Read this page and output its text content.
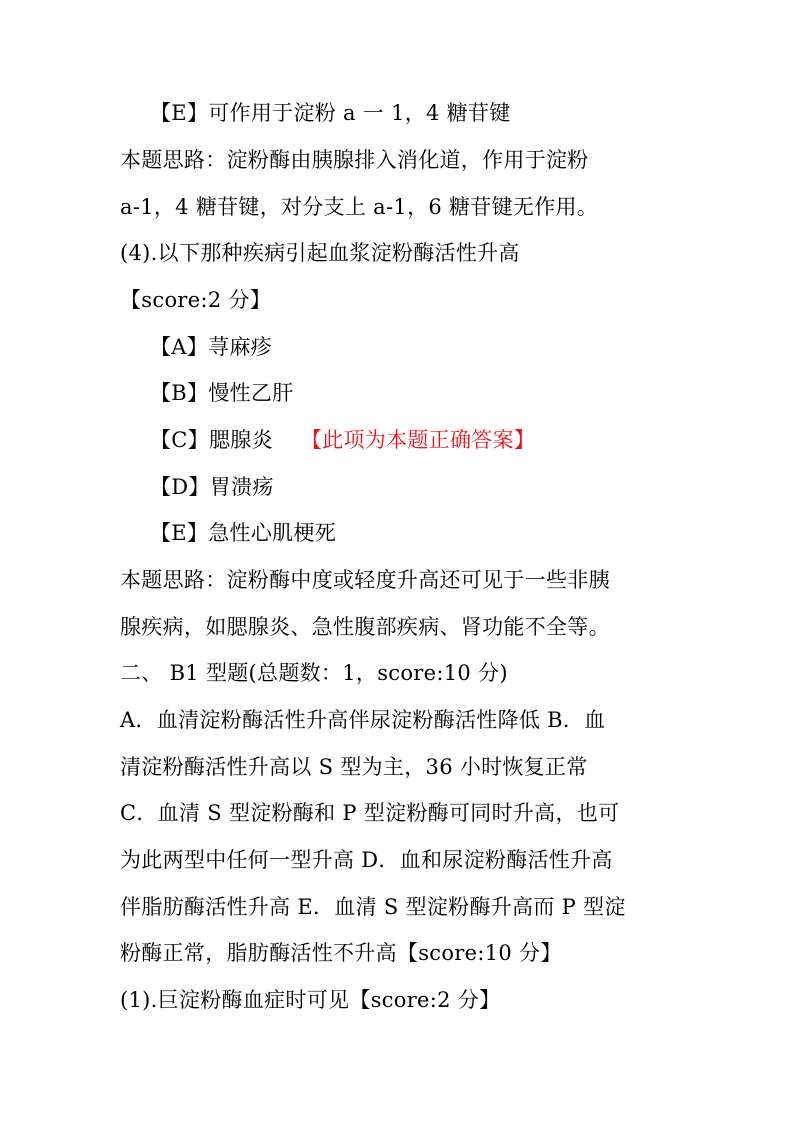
【E】可作用于淀粉 a 一 1，4 糖苷键
本题思路：淀粉酶由胰腺排入消化道，作用于淀粉
a-1，4 糖苷键，对分支上 a-1，6 糖苷键无作用。
(4).以下那种疾病引起血浆淀粉酶活性升高
【score:2 分】
【A】荨麻疹
【B】慢性乙肝
【C】腮腺炎 【此项为本题正确答案】
【D】胃溃疡
【E】急性心肌梗死
本题思路：淀粉酶中度或轻度升高还可见于一些非胰
腺疾病，如腮腺炎、急性腹部疾病、肾功能不全等。
二、 B1 型题(总题数：1，score:10 分)
A．血清淀粉酶活性升高伴尿淀粉酶活性降低 B．血
清淀粉酶活性升高以 S 型为主，36 小时恢复正常
C．血清 S 型淀粉酶和 P 型淀粉酶可同时升高，也可
为此两型中任何一型升高 D．血和尿淀粉酶活性升高
伴脂肪酶活性升高 E．血清 S 型淀粉酶升高而 P 型淀
粉酶正常，脂肪酶活性不升高【score:10 分】
(1).巨淀粉酶血症时可见【score:2 分】
